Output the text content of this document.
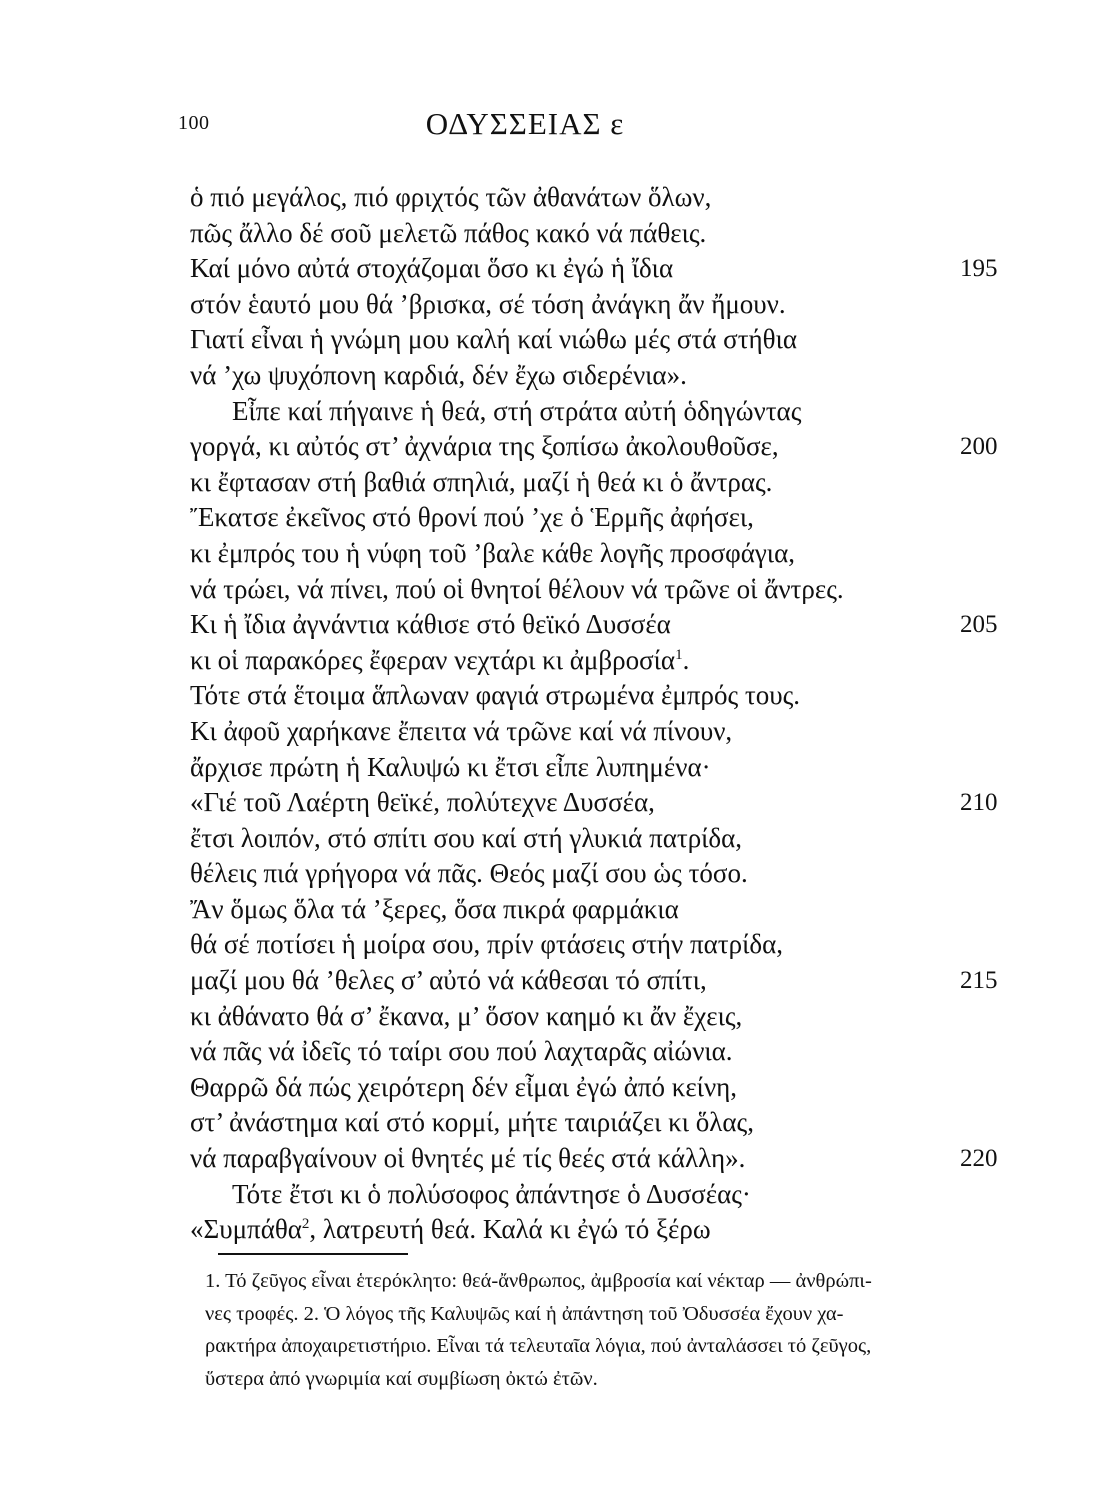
100	ΟΔΥΣΣΕΙΑΣ ε
ὁ πιό μεγάλος, πιό φριχτός τῶν ἀθανάτων ὅλων,
πῶς ἄλλο δέ σοῦ μελετῶ πάθος κακό νά πάθεις.
Καί μόνο αὐτά στοχάζομαι ὅσο κι ἐγώ ἡ ἴδια	195
στόν ἑαυτό μου θά ’βρισκα, σέ τόση ἀνάγκη ἄν ἤμουν.
Γιατί εἶναι ἡ γνώμη μου καλή καί νιώθω μές στά στήθια
νά ’χω ψυχόπονη καρδιά, δέν ἔχω σιδερένια».
Εἶπε καί πήγαινε ἡ θεά, στή στράτα αὐτή ὁδηγώντας
γοργά, κι αὐτός στ’ ἀχνάρια της ξοπίσω ἀκολουθοῦσε,	200
κι ἔφτασαν στή βαθιά σπηλιά, μαζί ἡ θεά κι ὁ ἄντρας.
Ἔκατσε ἐκεῖνος στό θρονί πού ’χε ὁ Ἑρμῆς ἀφήσει,
κι ἐμπρός του ἡ νύφη τοῦ ’βαλε κάθε λογῆς προσφάγια,
νά τρώει, νά πίνει, πού οἱ θνητοί θέλουν νά τρῶνε οἱ ἄντρες.
Κι ἡ ἴδια ἀγνάντια κάθισε στό θεϊκό Δυσσέα	205
κι οἱ παρακόρες ἔφεραν νεχτάρι κι ἀμβροσία$^1$.
Τότε στά ἕτοιμα ἅπλωναν φαγιά στρωμένα ἐμπρός τους.
Κι ἀφοῦ χαρήκανε ἔπειτα νά τρῶνε καί νά πίνουν,
ἄρχισε πρώτη ἡ Καλυψώ κι ἔτσι εἶπε λυπημένα·
«Γιέ τοῦ Λαέρτη θεϊκέ, πολύτεχνε Δυσσέα,	210
ἔτσι λοιπόν, στό σπίτι σου καί στή γλυκιά πατρίδα,
θέλεις πιά γρήγορα νά πᾶς. Θεός μαζί σου ὡς τόσο.
Ἄν ὅμως ὅλα τά ’ξερες, ὅσα πικρά φαρμάκια
θά σέ ποτίσει ἡ μοίρα σου, πρίν φτάσεις στήν πατρίδα,
μαζί μου θά ’θελες σ’ αὐτό νά κάθεσαι τό σπίτι,	215
κι ἀθάνατο θά σ’ ἔκανα, μ’ ὅσον καημό κι ἄν ἔχεις,
νά πᾶς νά ἰδεῖς τό ταίρι σου πού λαχταρᾶς αἰώνια.
Θαρρῶ δά πώς χειρότερη δέν εἶμαι ἐγώ ἀπό κείνη,
στ’ ἀνάστημα καί στό κορμί, μήτε ταιριάζει κι ὅλας,
νά παραβγαίνουν οἱ θνητές μέ τίς θεές στά κάλλη».	220
Τότε ἔτσι κι ὁ πολύσοφος ἀπάντησε ὁ Δυσσέας·
«Συμπάθα$^2$, λατρευτή θεά. Καλά κι ἐγώ τό ξέρω
1. Τό ζεῦγος εἶναι ἑτερόκλητο: θεά-ἄνθρωπος, ἀμβροσία καί νέκταρ — ἀνθρώπι-
νες τροφές. 2. Ὁ λόγος τῆς Καλυψῶς καί ἡ ἀπάντηση τοῦ Ὀδυσσέα ἔχουν χα-
ρακτήρα ἀποχαιρετιστήριο. Εἶναι τά τελευταῖα λόγια, πού ἀνταλάσσει τό ζεῦγος,
ὕστερα ἀπό γνωριμία καί συμβίωση ὀκτώ ἐτῶν.
